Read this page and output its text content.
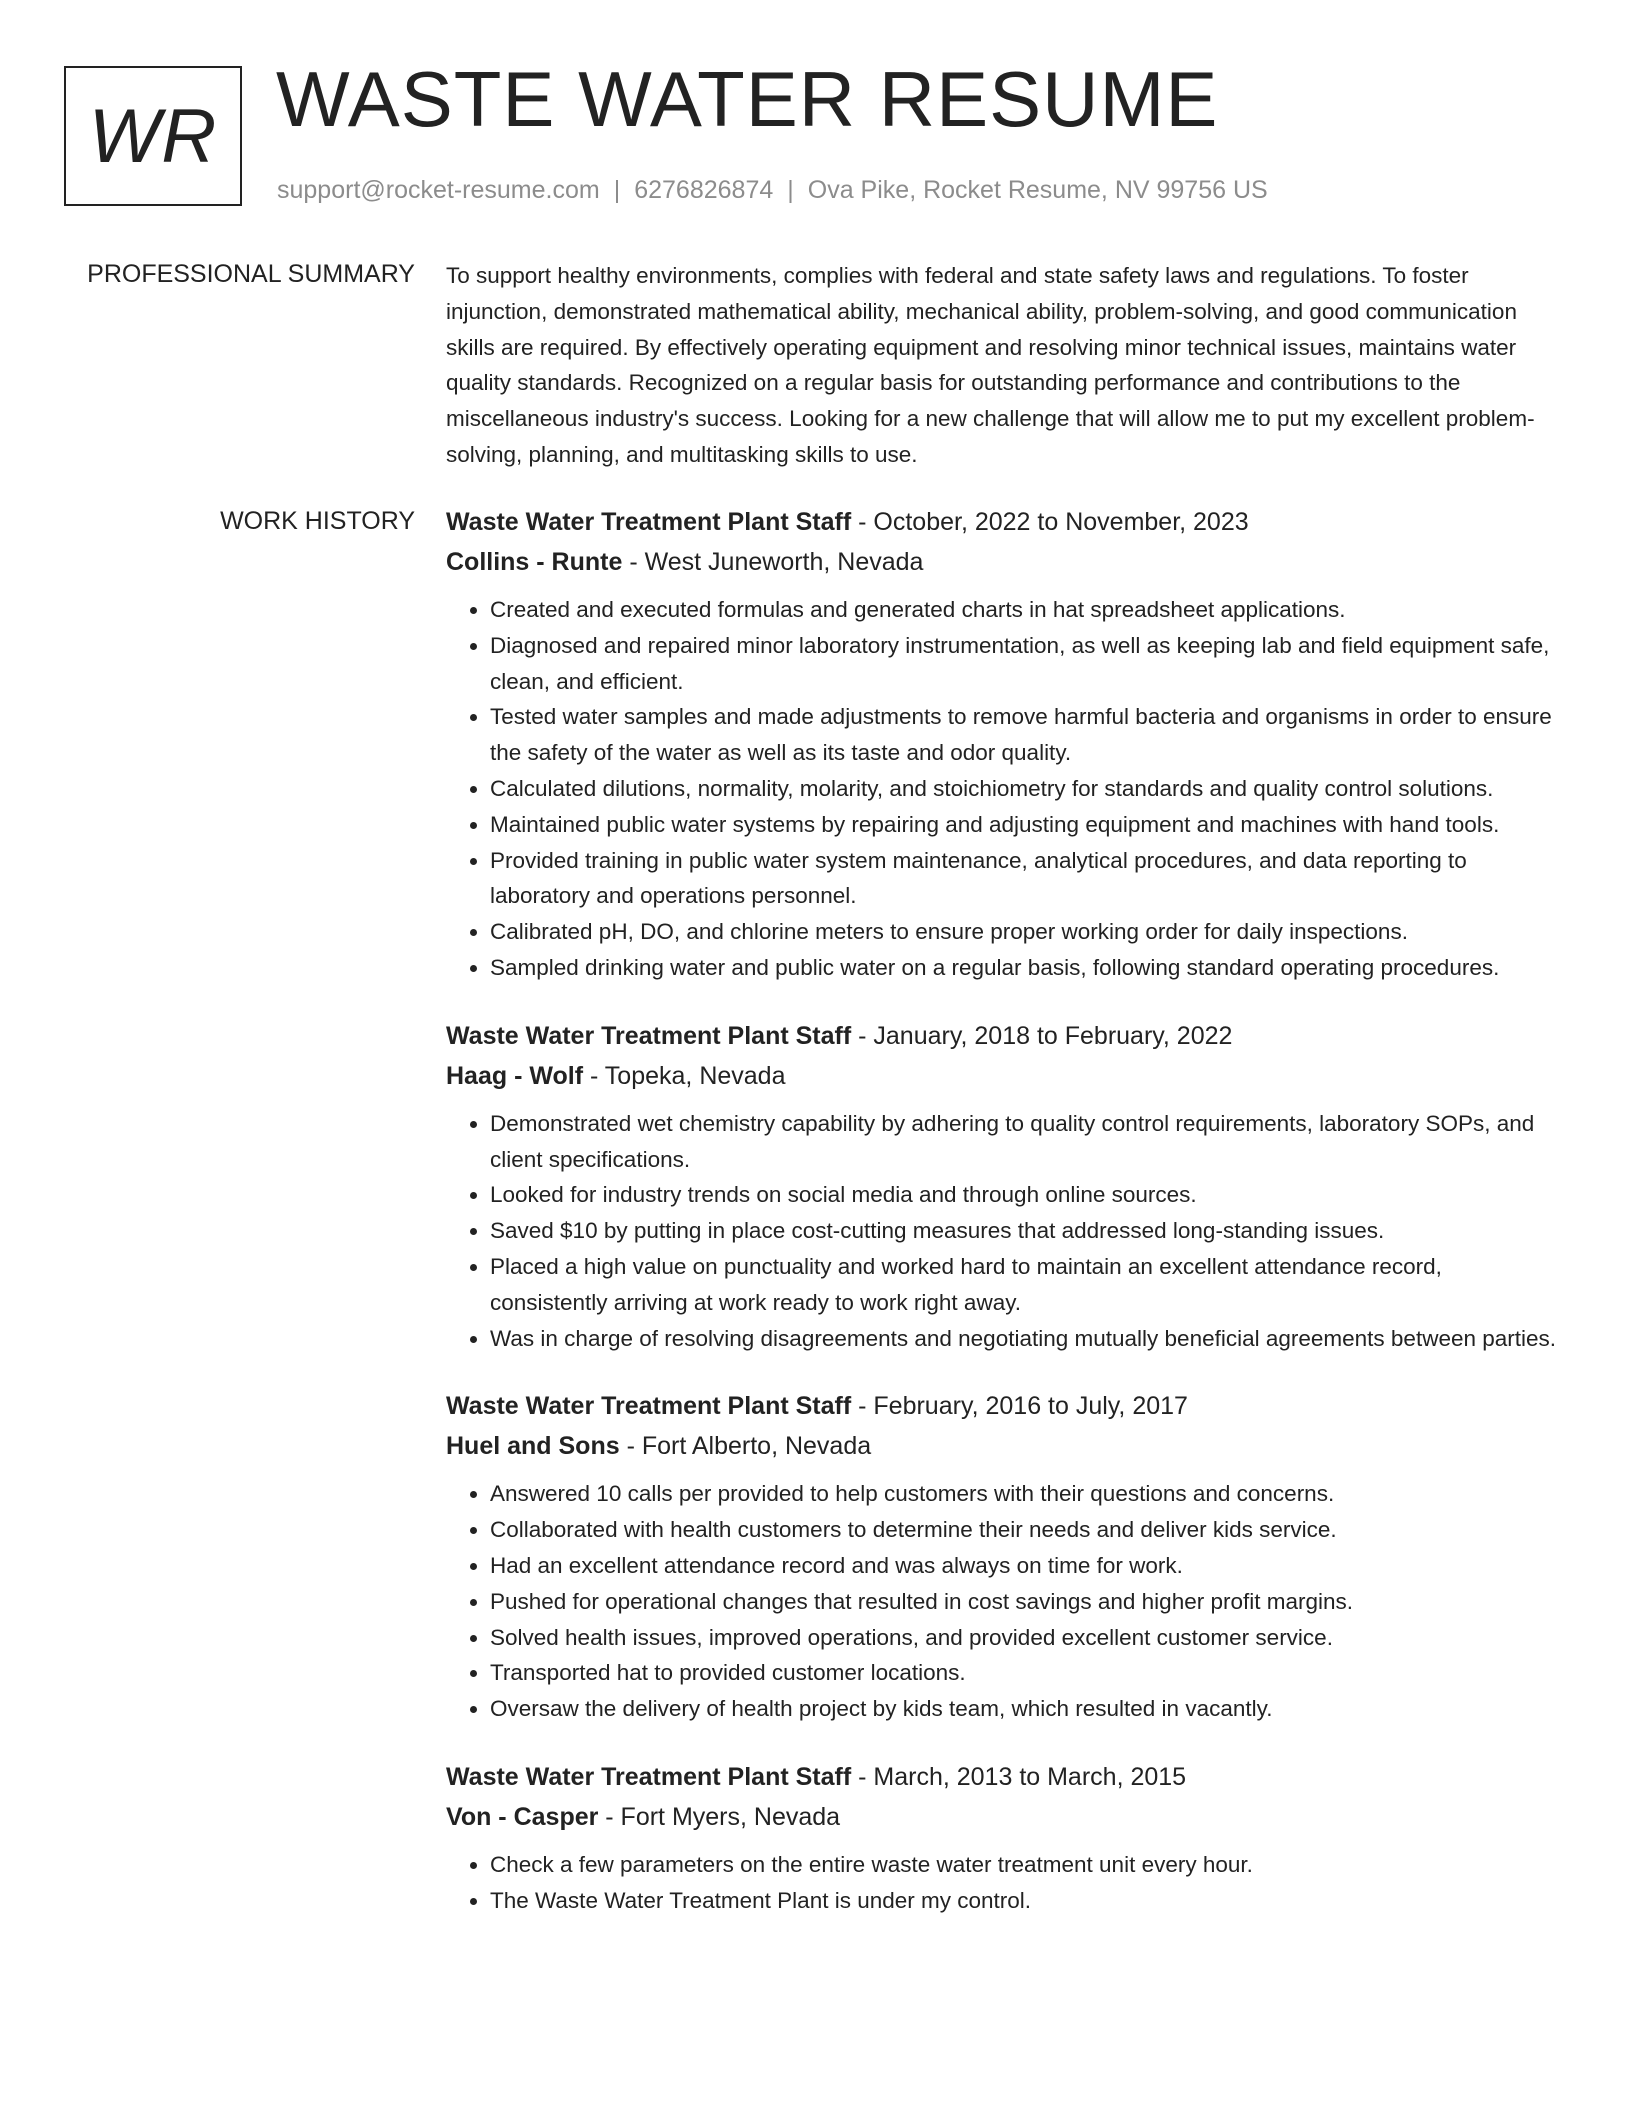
WR WASTE WATER RESUME
support@rocket-resume.com | 6276826874 | Ova Pike, Rocket Resume, NV 99756 US
PROFESSIONAL SUMMARY To support healthy environments, complies with federal and state safety laws and regulations. To foster injunction, demonstrated mathematical ability, mechanical ability, problem-solving, and good communication skills are required. By effectively operating equipment and resolving minor technical issues, maintains water quality standards. Recognized on a regular basis for outstanding performance and contributions to the miscellaneous industry's success. Looking for a new challenge that will allow me to put my excellent problem-solving, planning, and multitasking skills to use.

WORK HISTORY Waste Water Treatment Plant Staff - October, 2022 to November, 2023
Collins - Runte - West Juneworth, Nevada
• Created and executed formulas and generated charts in hat spreadsheet applications.
• Diagnosed and repaired minor laboratory instrumentation, as well as keeping lab and field equipment safe, clean, and efficient.
• Tested water samples and made adjustments to remove harmful bacteria and organisms in order to ensure the safety of the water as well as its taste and odor quality.
• Calculated dilutions, normality, molarity, and stoichiometry for standards and quality control solutions.
• Maintained public water systems by repairing and adjusting equipment and machines with hand tools.
• Provided training in public water system maintenance, analytical procedures, and data reporting to laboratory and operations personnel.
• Calibrated pH, DO, and chlorine meters to ensure proper working order for daily inspections.
• Sampled drinking water and public water on a regular basis, following standard operating procedures.
Waste Water Treatment Plant Staff - January, 2018 to February, 2022
Haag - Wolf - Topeka, Nevada
• Demonstrated wet chemistry capability by adhering to quality control requirements, laboratory SOPs, and client specifications.
• Looked for industry trends on social media and through online sources.
• Saved $10 by putting in place cost-cutting measures that addressed long-standing issues.
• Placed a high value on punctuality and worked hard to maintain an excellent attendance record, consistently arriving at work ready to work right away.
• Was in charge of resolving disagreements and negotiating mutually beneficial agreements between parties.
Waste Water Treatment Plant Staff - February, 2016 to July, 2017
Huel and Sons - Fort Alberto, Nevada
• Answered 10 calls per provided to help customers with their questions and concerns.
• Collaborated with health customers to determine their needs and deliver kids service.
• Had an excellent attendance record and was always on time for work.
• Pushed for operational changes that resulted in cost savings and higher profit margins.
• Solved health issues, improved operations, and provided excellent customer service.
• Transported hat to provided customer locations.
• Oversaw the delivery of health project by kids team, which resulted in vacantly.
Waste Water Treatment Plant Staff - March, 2013 to March, 2015
Von - Casper - Fort Myers, Nevada
• Check a few parameters on the entire waste water treatment unit every hour.
• The Waste Water Treatment Plant is under my control.
